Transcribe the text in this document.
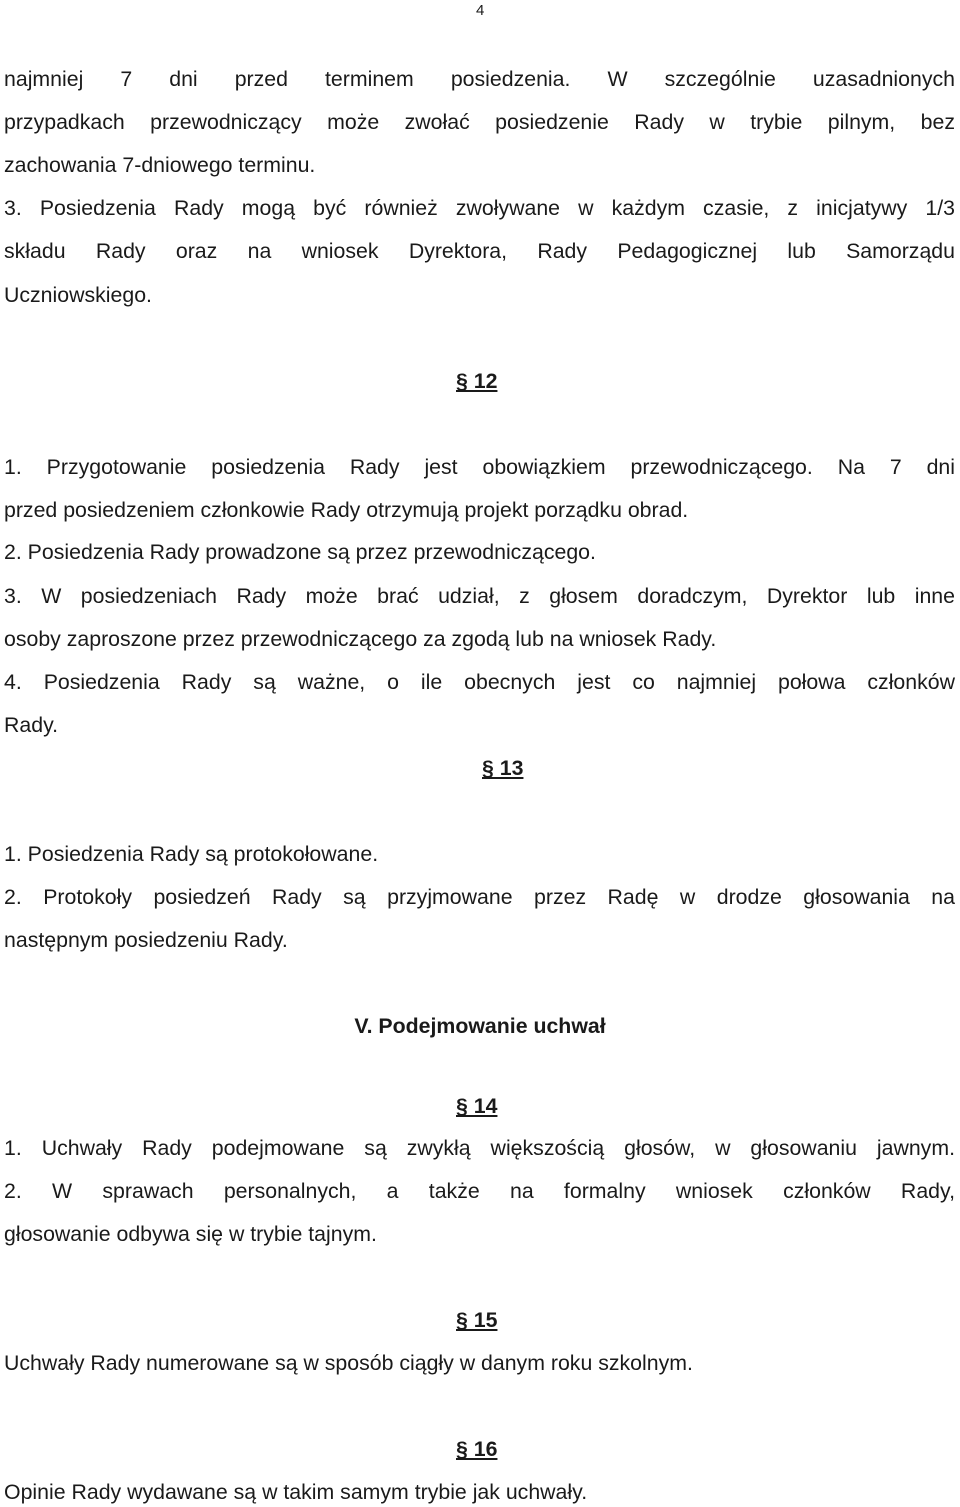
4
najmniej 7 dni przed terminem posiedzenia. W szczególnie uzasadnionych
przypadkach przewodniczący może zwołać posiedzenie Rady w trybie pilnym, bez
zachowania 7-dniowego terminu.
3. Posiedzenia Rady mogą być również zwoływane w każdym czasie, z inicjatywy 1/3
składu Rady oraz na wniosek Dyrektora, Rady Pedagogicznej lub Samorządu
Uczniowskiego.
§ 12
1. Przygotowanie posiedzenia Rady jest obowiązkiem przewodniczącego. Na 7 dni
przed posiedzeniem członkowie Rady otrzymują projekt porządku obrad.
2. Posiedzenia Rady prowadzone są przez przewodniczącego.
3. W posiedzeniach Rady może brać udział, z głosem doradczym, Dyrektor lub inne
osoby zaproszone przez przewodniczącego za zgodą lub na wniosek Rady.
4. Posiedzenia Rady są ważne, o ile obecnych jest co najmniej połowa członków
Rady.
§ 13
1. Posiedzenia Rady są protokołowane.
2. Protokoły posiedzeń Rady są przyjmowane przez Radę w drodze głosowania na
następnym posiedzeniu Rady.
V. Podejmowanie uchwał
§ 14
1. Uchwały Rady podejmowane są zwykłą większością głosów, w głosowaniu jawnym.
2. W sprawach personalnych, a także na formalny wniosek członków Rady,
głosowanie odbywa się w trybie tajnym.
§ 15
Uchwały Rady numerowane są w sposób ciągły w danym roku szkolnym.
§ 16
Opinie Rady wydawane są w takim samym trybie jak uchwały.
